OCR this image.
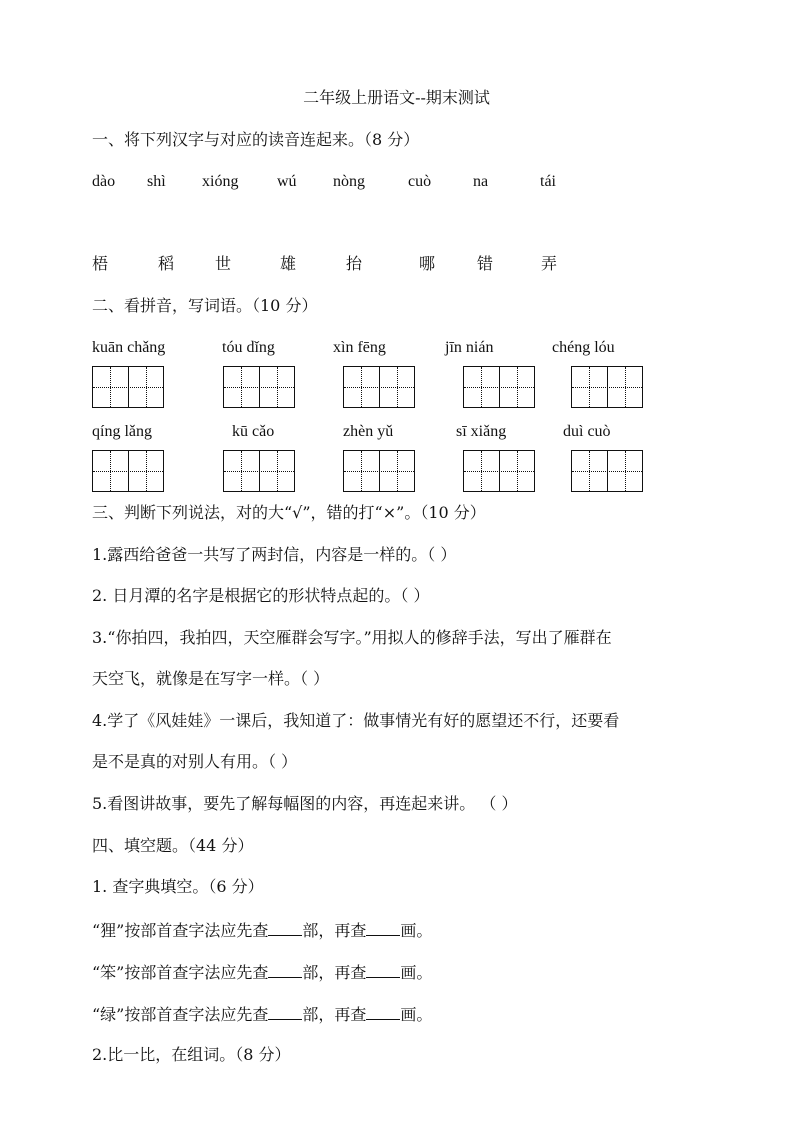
二年级上册语文--期末测试
一、将下列汉字与对应的读音连起来。（8 分）
dào shì xióng wú nòng	cuò	na	tái
梧	稻	世	雄	抬	哪	错	弄
二、看拼音，写词语。（10 分）
kuān chǎng	tóu dǐng	xìn fēng	jīn nián	chéng lóu
qíng lǎng	kū cǎo	zhèn yǔ	sī xiǎng	duì cuò
三、判断下列说法，对的大“√”，错的打“×”。（10 分）
1.露西给爸爸一共写了两封信，内容是一样的。（ ）
2. 日月潭的名字是根据它的形状特点起的。（ ）
3.“你拍四，我拍四，天空雁群会写字。”用拟人的修辞手法，写出了雁群在
天空飞，就像是在写字一样。（ ）
4.学了《风娃娃》一课后，我知道了：做事情光有好的愿望还不行，还要看
是不是真的对别人有用。（ ）
5.看图讲故事，要先了解每幅图的内容，再连起来讲。 （ ）
四、填空题。（44 分）
1. 查字典填空。（6 分）
“狸”按部首查字法应先查 部，再查 画。
“笨”按部首查字法应先查 部，再查 画。
“绿”按部首查字法应先查 部，再查 画。
2.比一比，在组词。（8 分）
